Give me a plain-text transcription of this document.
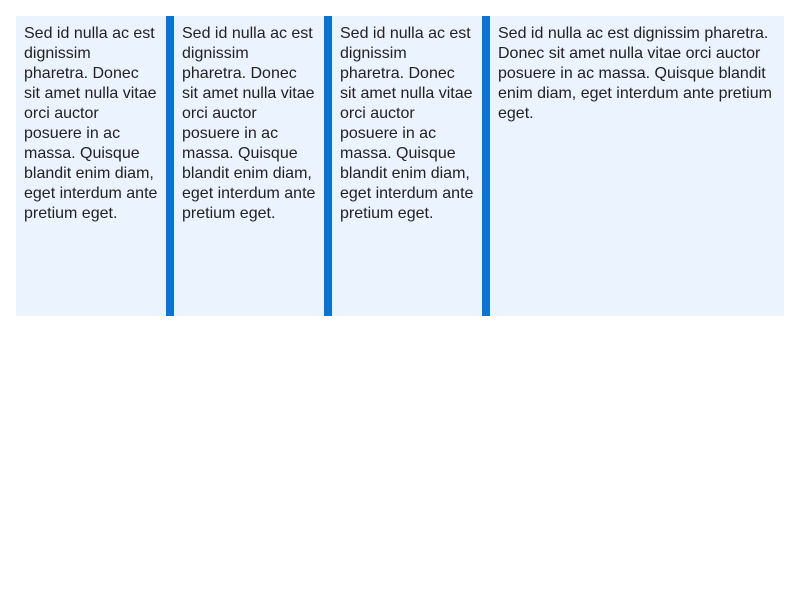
Sed id nulla ac est dignissim pharetra. Donec sit amet nulla vitae orci auctor posuere in ac massa. Quisque blandit enim diam, eget interdum ante pretium eget.
Sed id nulla ac est dignissim pharetra. Donec sit amet nulla vitae orci auctor posuere in ac massa. Quisque blandit enim diam, eget interdum ante pretium eget.
Sed id nulla ac est dignissim pharetra. Donec sit amet nulla vitae orci auctor posuere in ac massa. Quisque blandit enim diam, eget interdum ante pretium eget.
Sed id nulla ac est dignissim pharetra. Donec sit amet nulla vitae orci auctor posuere in ac massa. Quisque blandit enim diam, eget interdum ante pretium eget.
